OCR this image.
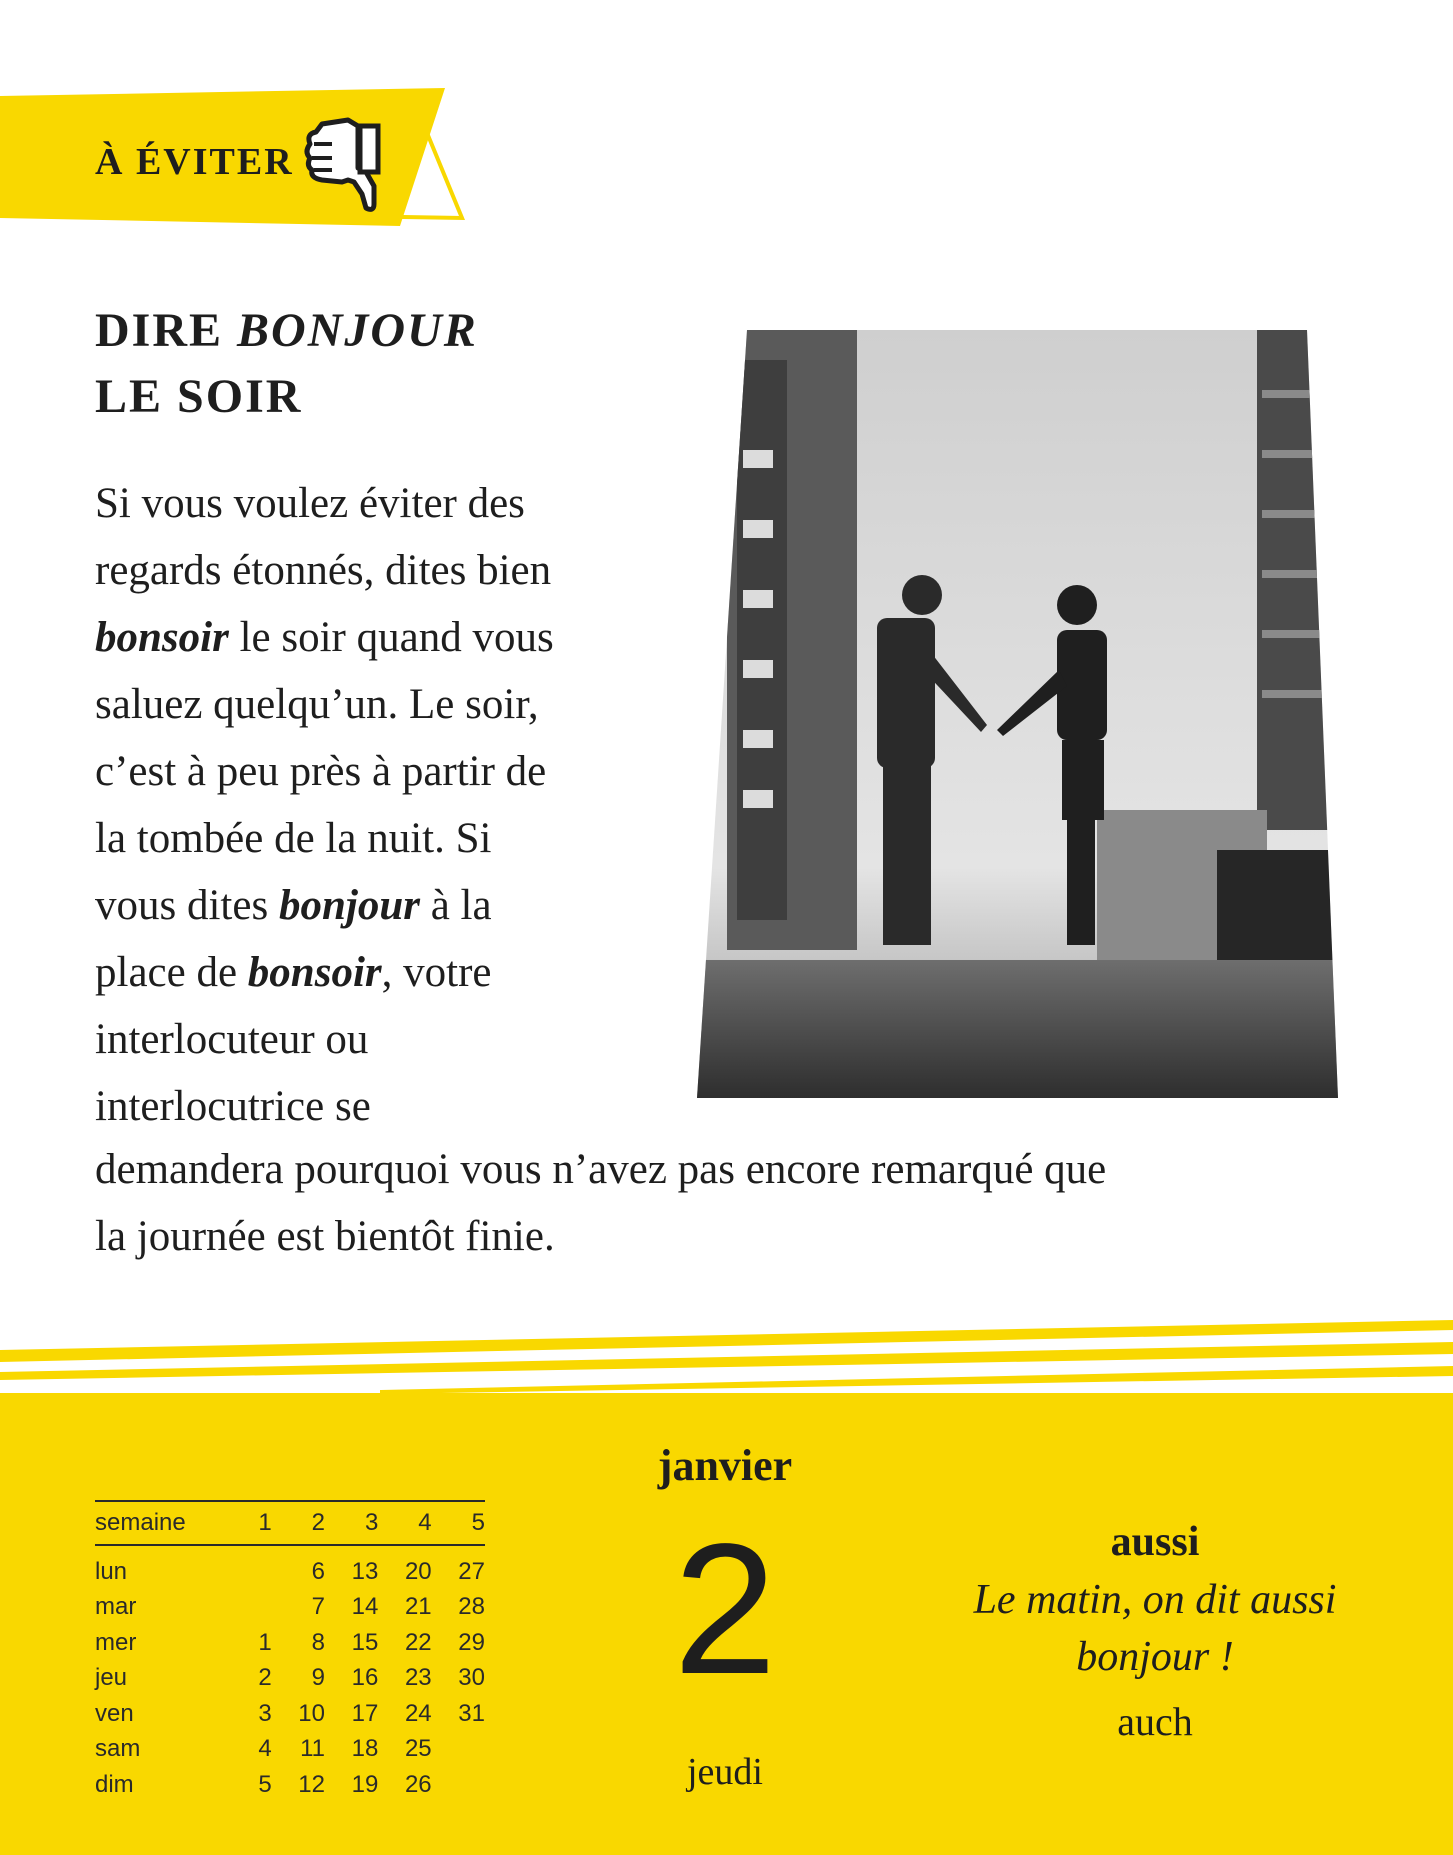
À ÉVITER
DIRE BONJOUR
LE SOIR

Si vous voulez éviter des

regards étonnés, dites bien

bonsoir le soir quand vous

saluez quelqu’un. Le soir,

c’est à peu près à partir de

la tombée de la nuit. Si

vous dites bonjour à la

place de bonsoir, votre

interlocuteur ou

interlocutrice se

demandera pourquoi vous n’avez pas encore remarqué que

la journée est bientôt finie.

semaine	1	2	3	4	5
lun		6	13	20	27
mar		7	14	21	28
mer	1	8	15	22	29
jeu	2	9	16	23	30
ven	3	10	17	24	31
sam	4	11	18	25	
dim	5	12	19	26	
janvier
2
jeudi
aussi
Le matin, on dit aussi bonjour !
auch
